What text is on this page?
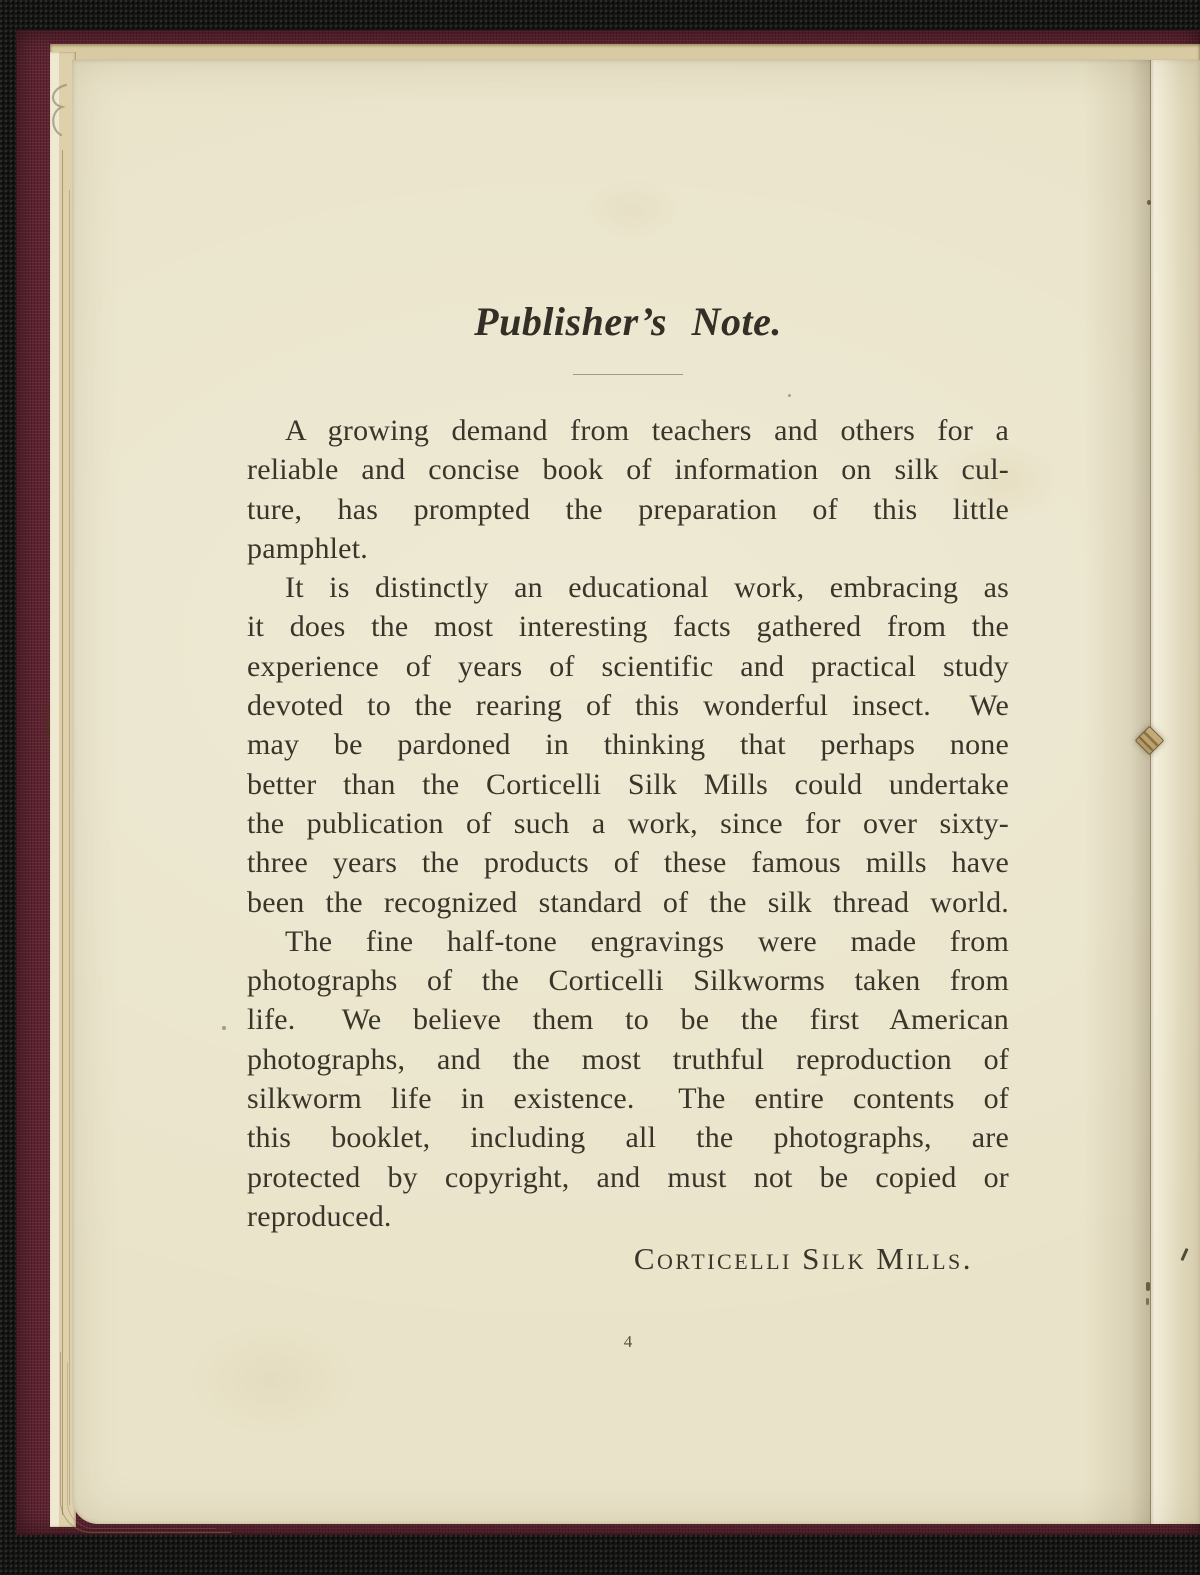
Publisher’s Note.
A growing demand from teachers and others for a
reliable and concise book of information on silk cul-
ture, has prompted the preparation of this little
pamphlet.
It is distinctly an educational work, embracing as
it does the most interesting facts gathered from the
experience of years of scientific and practical study
devoted to the rearing of this wonderful insect.  We
may be pardoned in thinking that perhaps none
better than the Corticelli Silk Mills could undertake
the publication of such a work, since for over sixty-
three years the products of these famous mills have
been the recognized standard of the silk thread world.
The fine half-tone engravings were made from
photographs of the Corticelli Silkworms taken from
life.  We believe them to be the first American
photographs, and the most truthful reproduction of
silkworm life in existence.  The entire contents of
this booklet, including all the photographs, are
protected by copyright, and must not be copied or
reproduced.
Corticelli Silk Mills.
4
